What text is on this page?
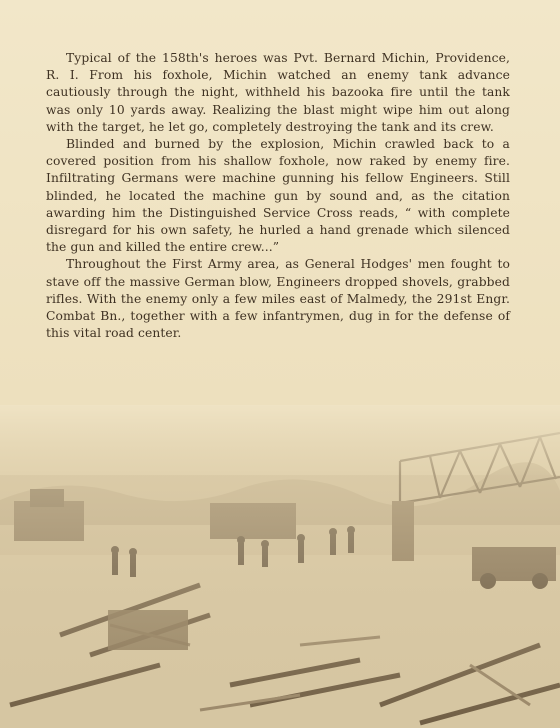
Typical of the 158th's heroes was Pvt. Bernard Michin, Providence, R. I. From his foxhole, Michin watched an enemy tank advance cautiously through the night, withheld his bazooka fire until the tank was only 10 yards away. Realizing the blast might wipe him out along with the target, he let go, completely destroying the tank and its crew.

Blinded and burned by the explosion, Michin crawled back to a covered position from his shallow foxhole, now raked by enemy fire. Infiltrating Germans were machine gunning his fellow Engineers. Still blinded, he located the machine gun by sound and, as the citation awarding him the Distinguished Service Cross reads, “ with complete disregard for his own safety, he hurled a hand grenade which silenced the gun and killed the entire crew...”

Throughout the First Army area, as General Hodges' men fought to stave off the massive German blow, Engineers dropped shovels, grabbed rifles. With the enemy only a few miles east of Malmedy, the 291st Engr. Combat Bn., together with a few infantrymen, dug in for the defense of this vital road center.
